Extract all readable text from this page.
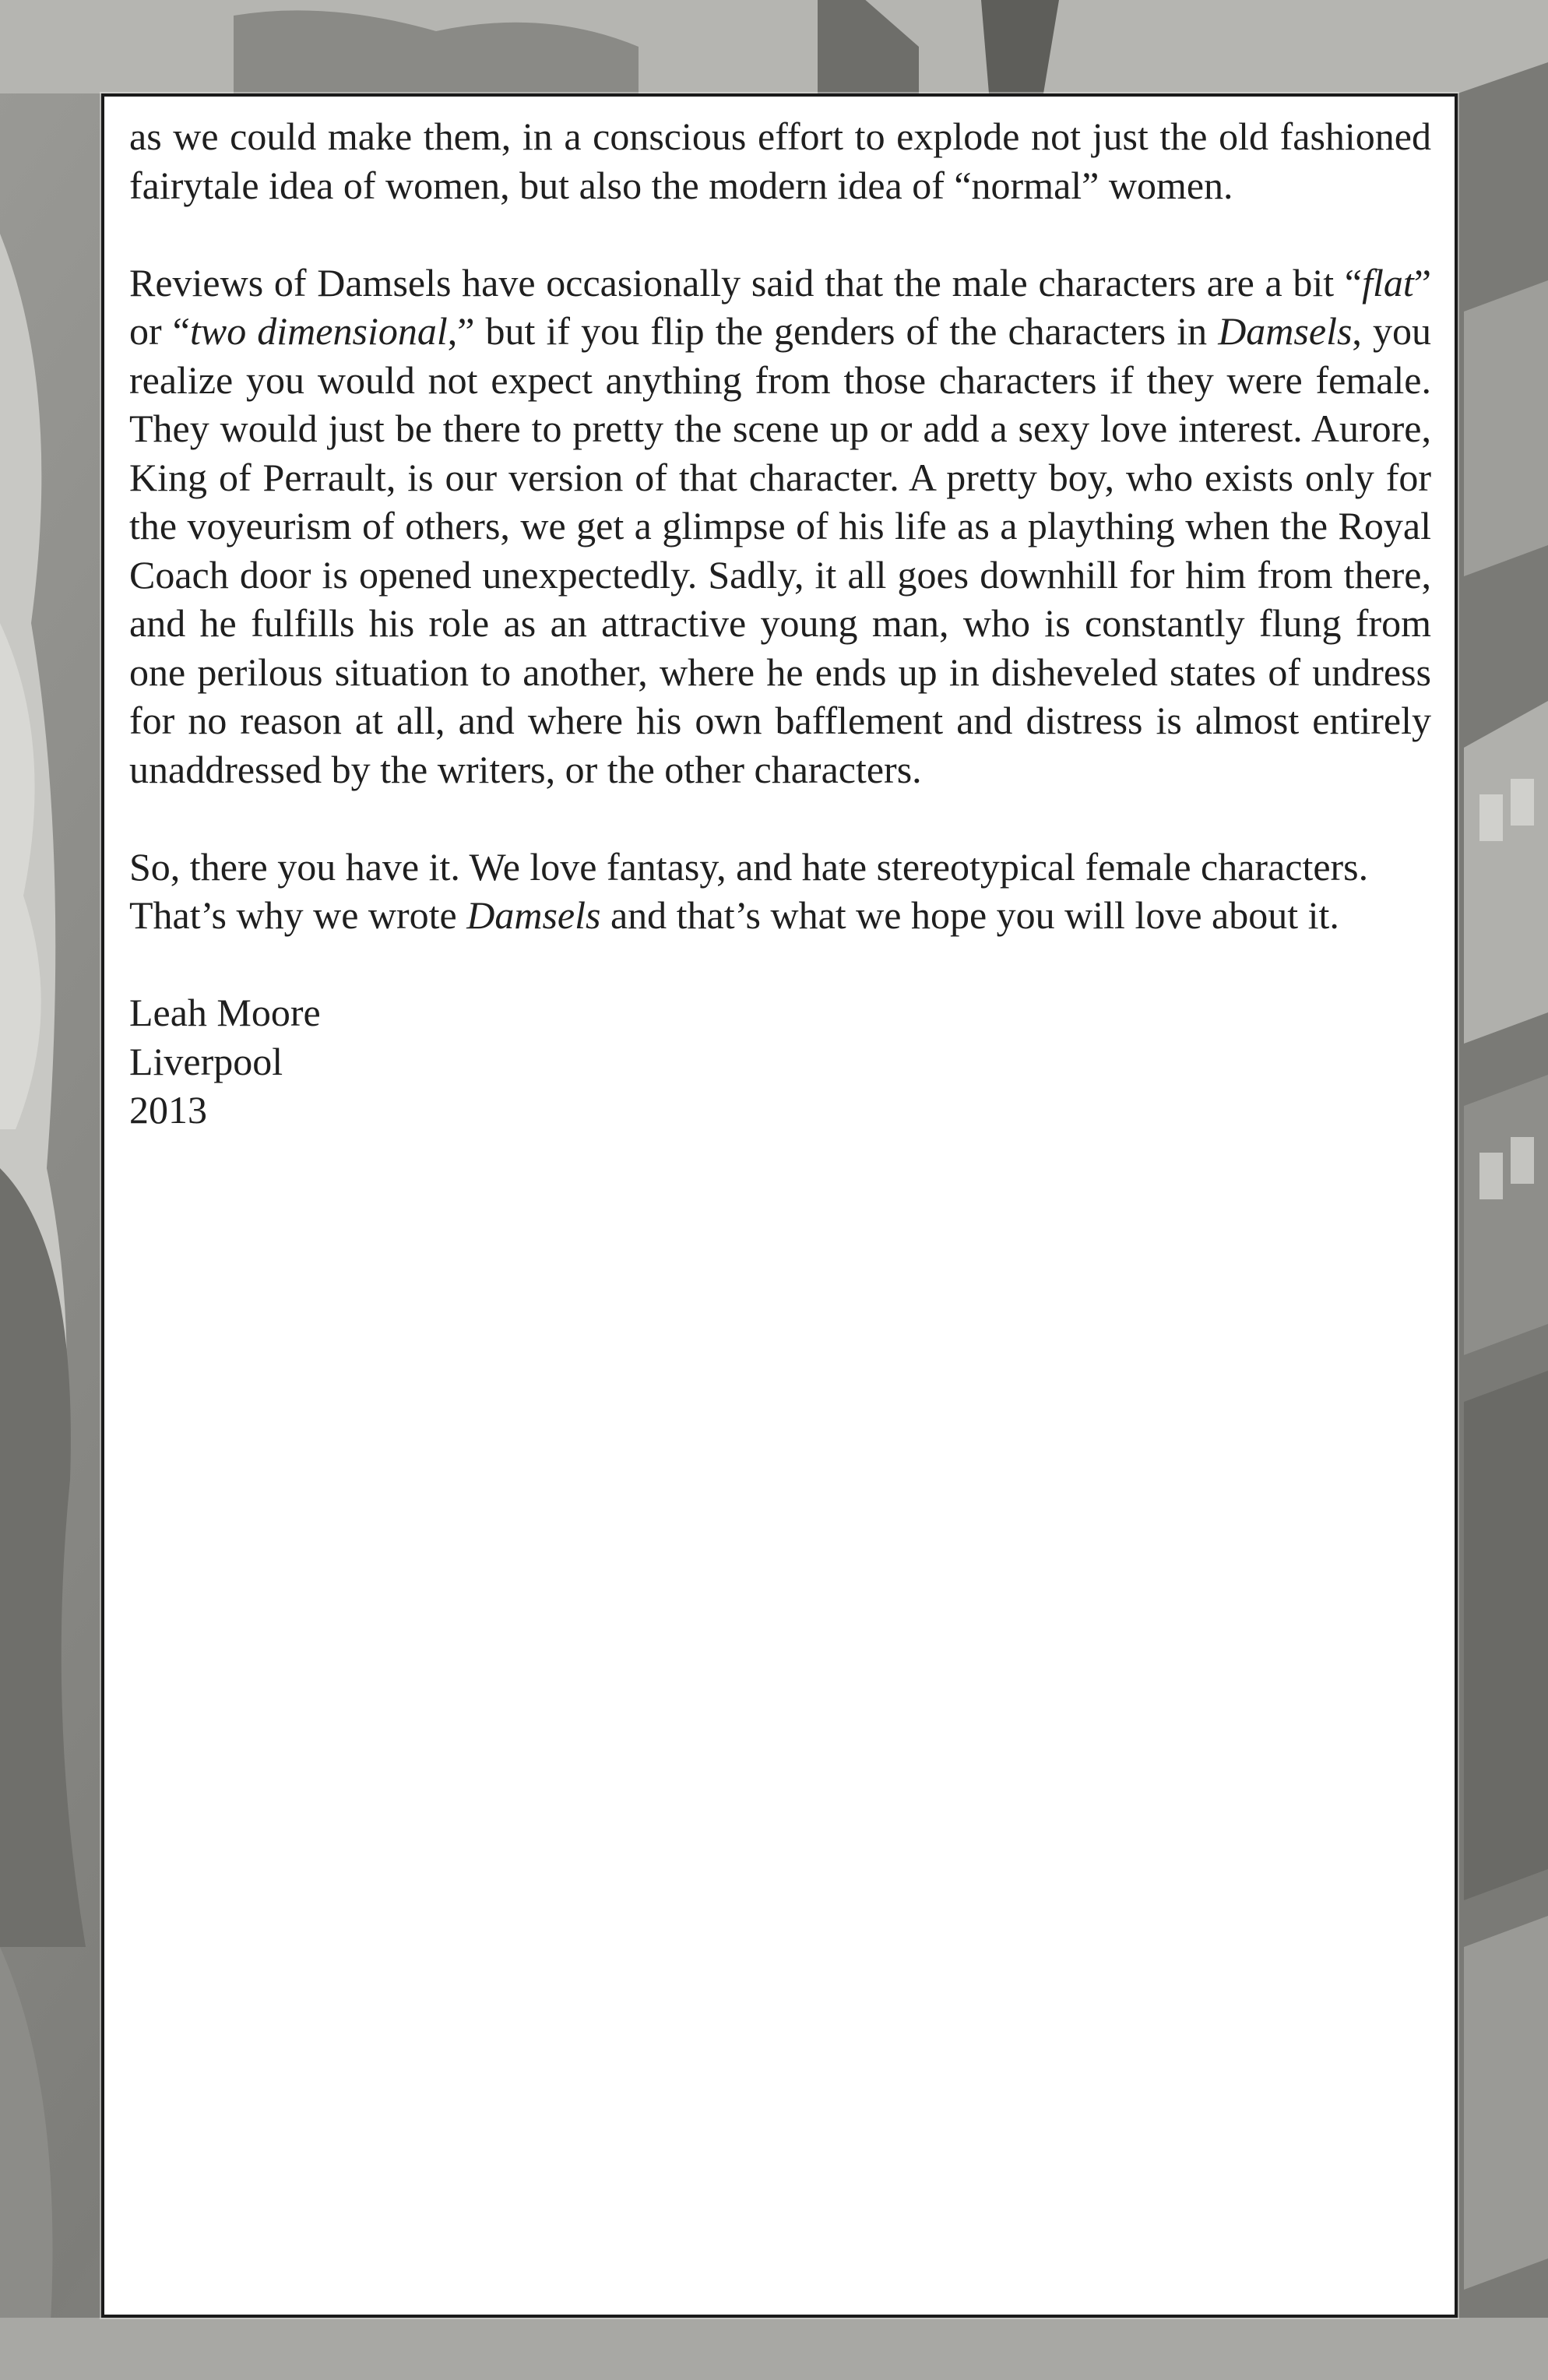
as we could make them, in a conscious effort to explode not just the old fashioned fairytale idea of women, but also the modern idea of “normal” women.

Reviews of Damsels have occasionally said that the male characters are a bit “flat” or “two dimensional,” but if you flip the genders of the characters in Damsels, you realize you would not expect anything from those characters if they were female. They would just be there to pretty the scene up or add a sexy love interest. Aurore, King of Perrault, is our version of that character. A pretty boy, who exists only for the voyeurism of others, we get a glimpse of his life as a plaything when the Royal Coach door is opened unexpectedly. Sadly, it all goes downhill for him from there, and he fulfills his role as an attractive young man, who is constantly flung from one perilous situation to another, where he ends up in disheveled states of undress for no reason at all, and where his own bafflement and distress is almost entirely unaddressed by the writers, or the other characters.

So, there you have it. We love fantasy, and hate stereotypical female characters. That’s why we wrote Damsels and that’s what we hope you will love about it.

Leah Moore
Liverpool
2013
